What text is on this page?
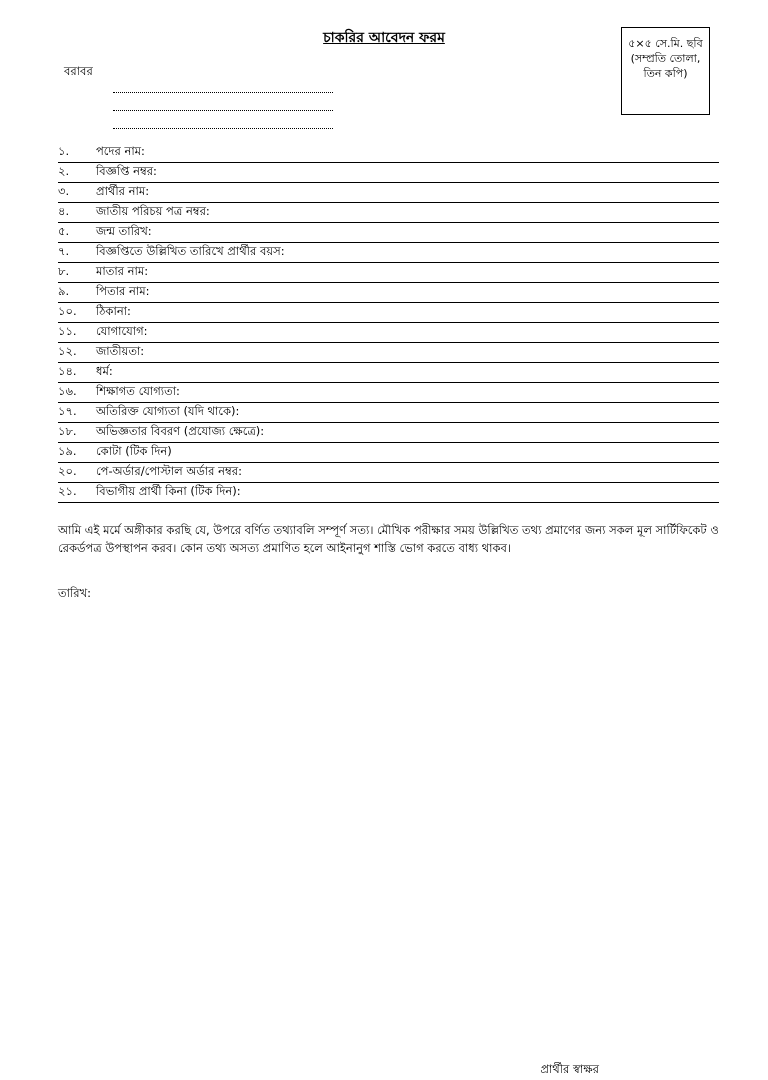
চাকরির আবেদন ফরম	৫×৫ সে.মি. ছবি (সম্প্রতি তোলা, তিন কপি)
বরাবর
১.	পদের নাম:
২.	বিজ্ঞপ্তি নম্বর:
৩.	প্রার্থীর নাম:
৪.	জাতীয় পরিচয় পত্র নম্বর:
৫.	জন্ম তারিখ:
৭.	বিজ্ঞপ্তিতে উল্লিখিত তারিখে প্রার্থীর বয়স:
৮.	মাতার নাম:
৯.	পিতার নাম:
১০.	ঠিকানা:
১১.	যোগাযোগ:
১২.	জাতীয়তা:
১৪.	ধর্ম:
১৬.	শিক্ষাগত যোগ্যতা:
১৭.	অতিরিক্ত যোগ্যতা (যদি থাকে):
১৮.	অভিজ্ঞতার বিবরণ (প্রযোজ্য ক্ষেত্রে):
১৯.	কোটা (টিক দিন)
২০.	পে-অর্ডার/পোস্টাল অর্ডার নম্বর:
২১.	বিভাগীয় প্রার্থী কিনা (টিক দিন):
আমি এই মর্মে অঙ্গীকার করছি যে, উপরে বর্ণিত তথ্যাবলি সম্পূর্ণ সত্য। মৌখিক পরীক্ষার সময় উল্লিখিত তথ্য প্রমাণের জন্য সকল মূল সার্টিফিকেট ও রেকর্ডপত্র উপস্থাপন করব। কোন তথ্য অসত্য প্রমাণিত হলে আইনানুগ শাস্তি ভোগ করতে বাধ্য থাকব।
তারিখ:
প্রার্থীর স্বাক্ষর
